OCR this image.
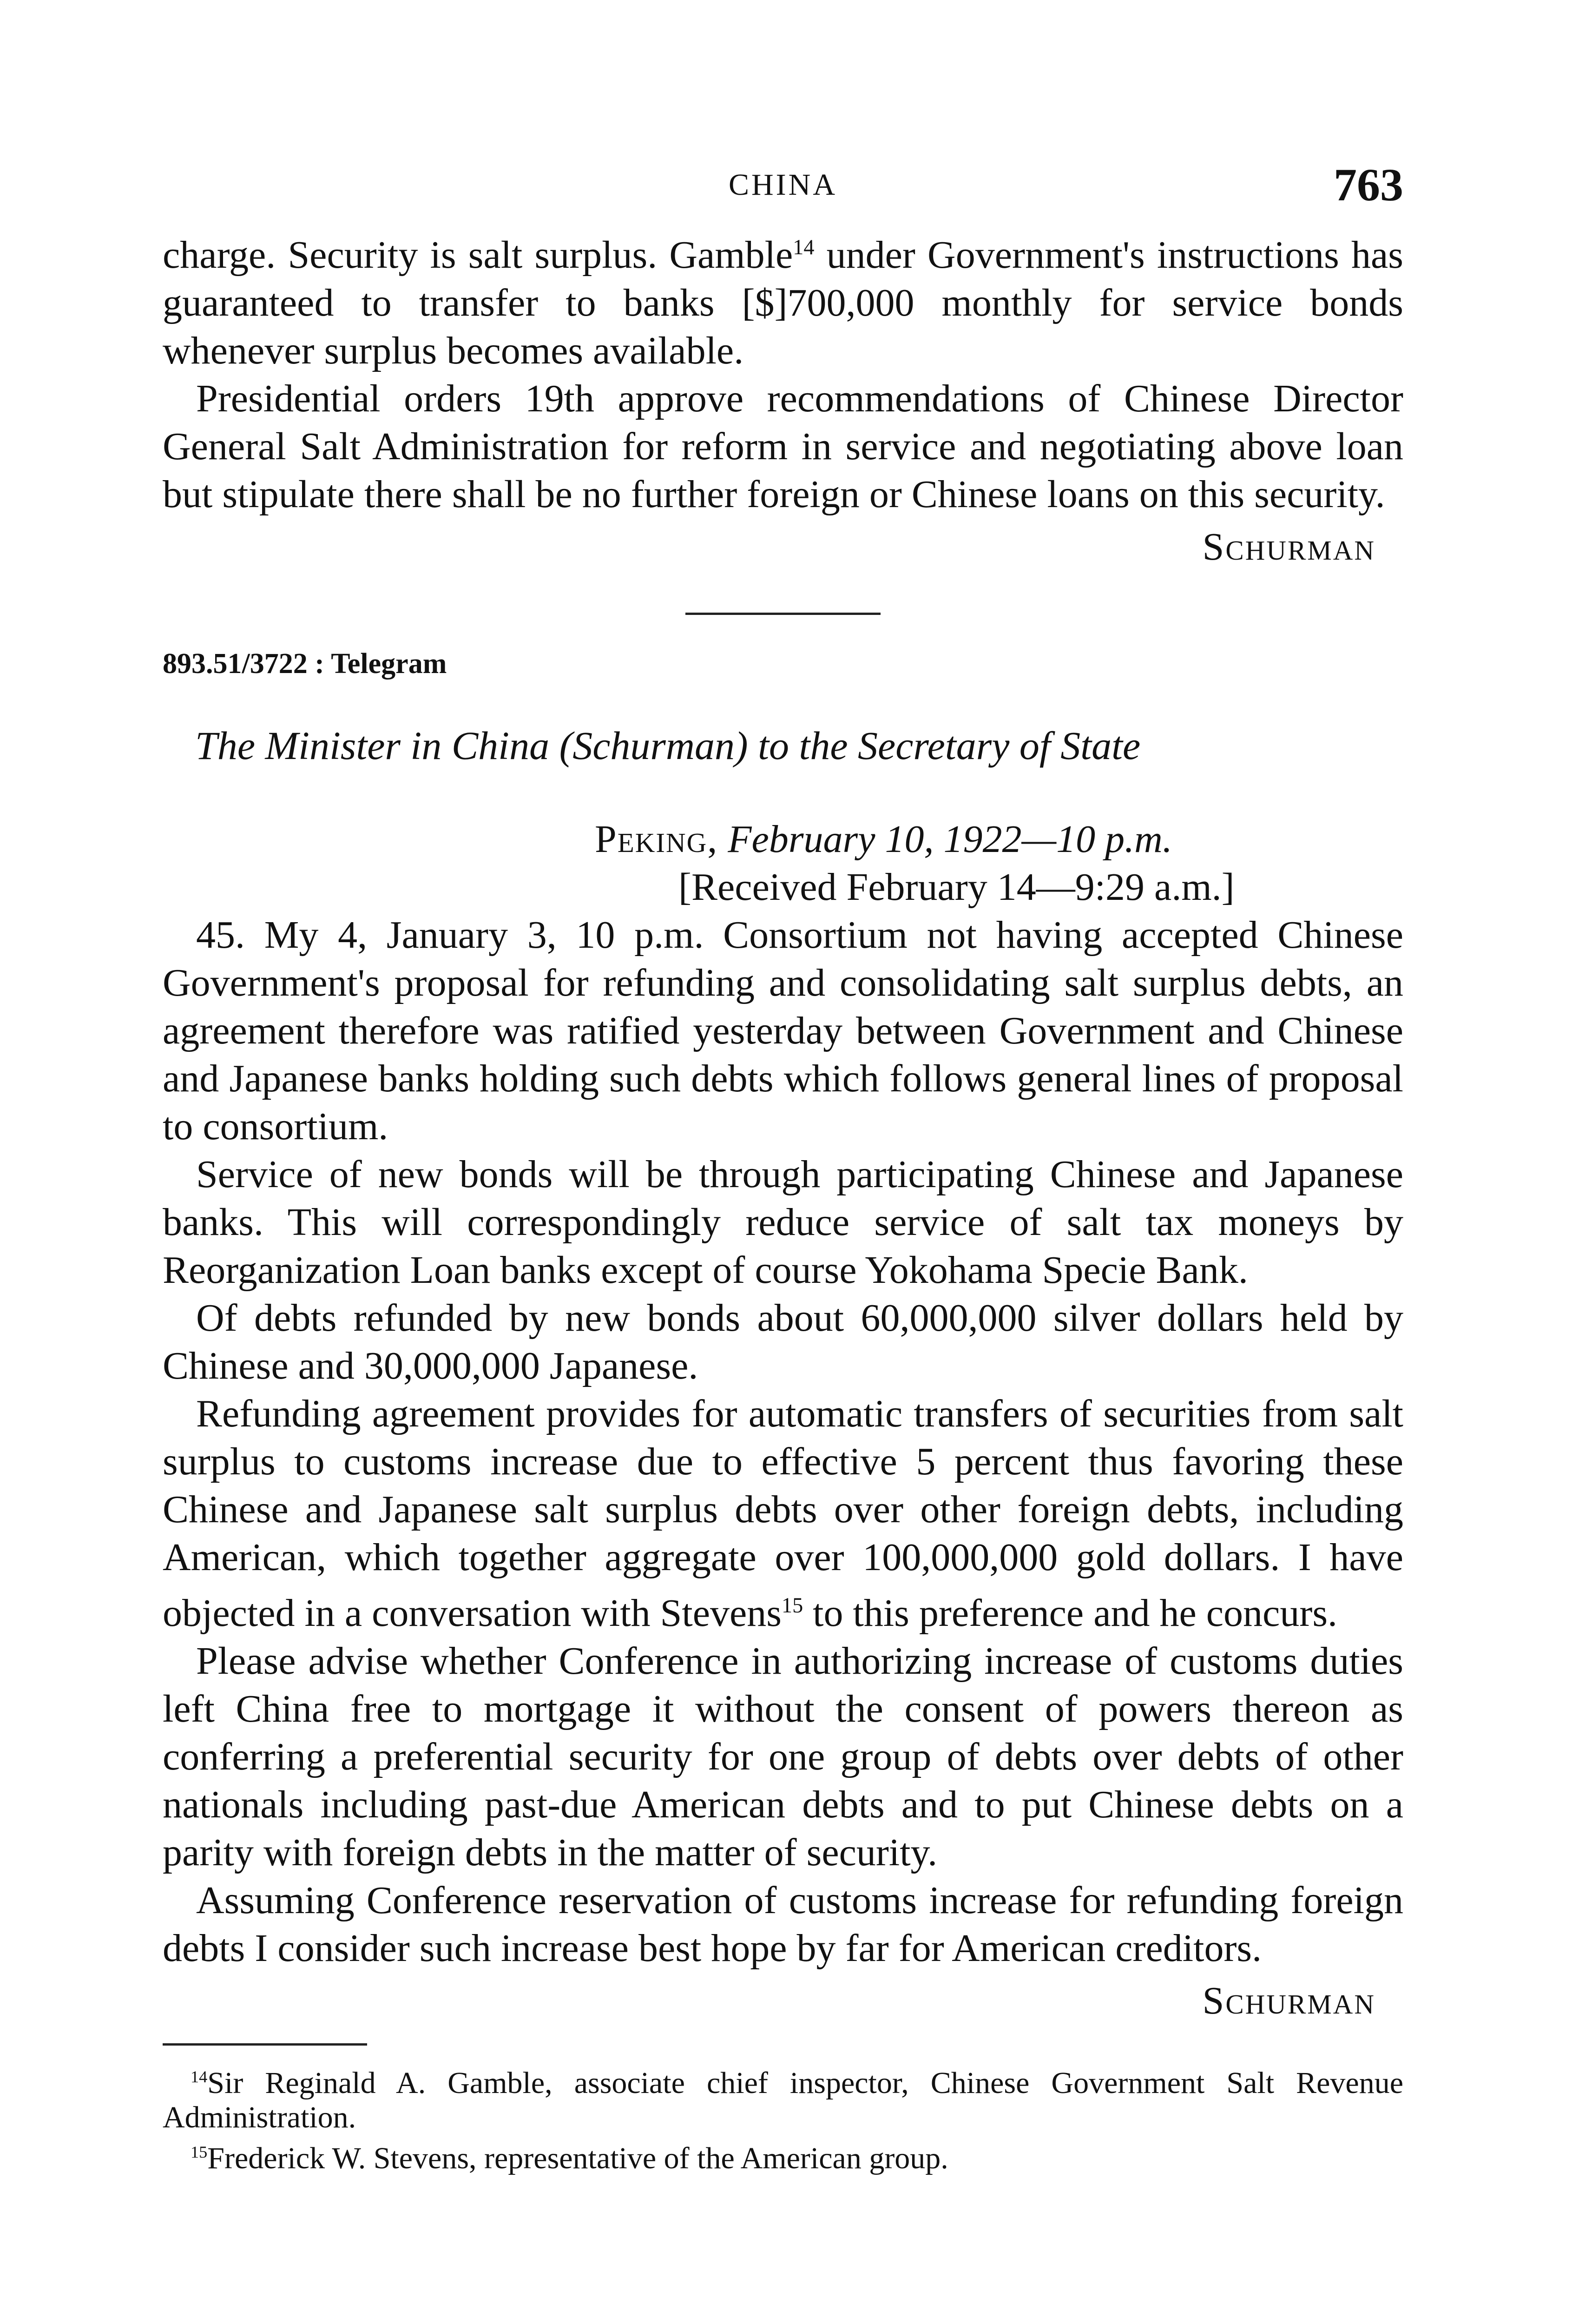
CHINA	763

charge. Security is salt surplus. Gamble$^{14}$ under Government's instructions has guaranteed to transfer to banks [$]700,000 monthly for service bonds whenever surplus becomes available.

Presidential orders 19th approve recommendations of Chinese Director General Salt Administration for reform in service and negotiating above loan but stipulate there shall be no further foreign or Chinese loans on this security.

Schurman

893.51/3722 : Telegram

The Minister in China (Schurman) to the Secretary of State

Peking, February 10, 1922—10 p.m.

[Received February 14—9:29 a.m.]

45. My 4, January 3, 10 p.m. Consortium not having accepted Chinese Government's proposal for refunding and consolidating salt surplus debts, an agreement therefore was ratified yesterday between Government and Chinese and Japanese banks holding such debts which follows general lines of proposal to consortium.

Service of new bonds will be through participating Chinese and Japanese banks. This will correspondingly reduce service of salt tax moneys by Reorganization Loan banks except of course Yokohama Specie Bank.

Of debts refunded by new bonds about 60,000,000 silver dollars held by Chinese and 30,000,000 Japanese.

Refunding agreement provides for automatic transfers of securities from salt surplus to customs increase due to effective 5 percent thus favoring these Chinese and Japanese salt surplus debts over other foreign debts, including American, which together aggregate over 100,000,000 gold dollars. I have objected in a conversation with Stevens$^{15}$ to this preference and he concurs.

Please advise whether Conference in authorizing increase of customs duties left China free to mortgage it without the consent of powers thereon as conferring a preferential security for one group of debts over debts of other nationals including past-due American debts and to put Chinese debts on a parity with foreign debts in the matter of security.

Assuming Conference reservation of customs increase for refunding foreign debts I consider such increase best hope by far for American creditors.

Schurman

$^{14}$Sir Reginald A. Gamble, associate chief inspector, Chinese Government Salt Revenue Administration.

$^{15}$Frederick W. Stevens, representative of the American group.
